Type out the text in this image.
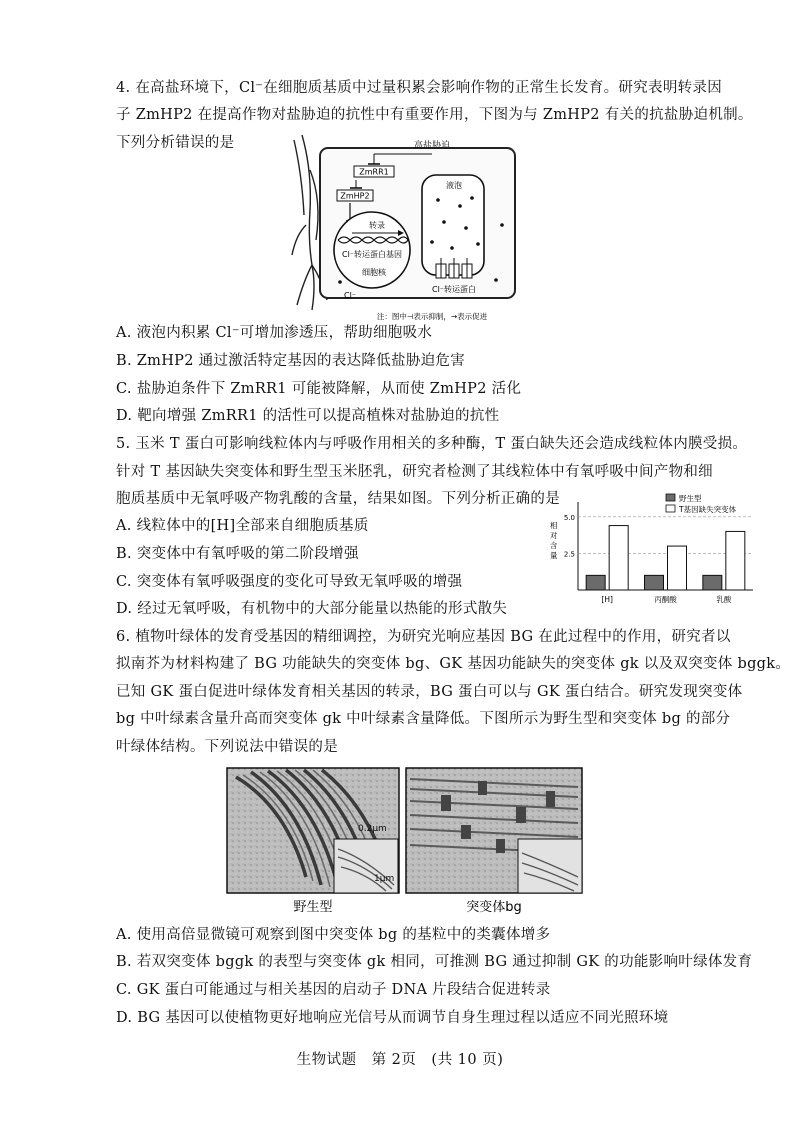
4. 在高盐环境下，Cl⁻在细胞质基质中过量积累会影响作物的正常生长发育。研究表明转录因
子 ZmHP2 在提高作物对盐胁迫的抗性中有重要作用，下图为与 ZmHP2 有关的抗盐胁迫机制。
下列分析错误的是	高盐胁迫
ZmRR1
ZmHP2
转录
Cl⁻转运蛋白基因
细胞核
Cl⁻
液泡
Cl⁻转运蛋白
注：图中⊣表示抑制，→表示促进
A. 液泡内积累 Cl⁻可增加渗透压，帮助细胞吸水
B. ZmHP2 通过激活特定基因的表达降低盐胁迫危害
C. 盐胁迫条件下 ZmRR1 可能被降解，从而使 ZmHP2 活化
D. 靶向增强 ZmRR1 的活性可以提高植株对盐胁迫的抗性
5. 玉米 T 蛋白可影响线粒体内与呼吸作用相关的多种酶，T 蛋白缺失还会造成线粒体内膜受损。
针对 T 基因缺失突变体和野生型玉米胚乳，研究者检测了其线粒体中有氧呼吸中间产物和细
胞质基质中无氧呼吸产物乳酸的含量，结果如图。下列分析正确的是	野生型
T基因缺失突变体
相
对
含
量 2.5
5.0
[H]	丙酮酸	乳酸
A. 线粒体中的[H]全部来自细胞质基质
B. 突变体中有氧呼吸的第二阶段增强
C. 突变体有氧呼吸强度的变化可导致无氧呼吸的增强
D. 经过无氧呼吸，有机物中的大部分能量以热能的形式散失
6. 植物叶绿体的发育受基因的精细调控，为研究光响应基因 BG 在此过程中的作用，研究者以
拟南芥为材料构建了 BG 功能缺失的突变体 bg、GK 基因功能缺失的突变体 gk 以及双突变体 bggk。
已知 GK 蛋白促进叶绿体发育相关基因的转录，BG 蛋白可以与 GK 蛋白结合。研究发现突变体
bg 中叶绿素含量升高而突变体 gk 中叶绿素含量降低。下图所示为野生型和突变体 bg 的部分
叶绿体结构。下列说法中错误的是
0.2μm
1μm
野生型	突变体bg
A. 使用高倍显微镜可观察到图中突变体 bg 的基粒中的类囊体增多
B. 若双突变体 bggk 的表型与突变体 gk 相同，可推测 BG 通过抑制 GK 的功能影响叶绿体发育
C. GK 蛋白可能通过与相关基因的启动子 DNA 片段结合促进转录
D. BG 基因可以使植物更好地响应光信号从而调节自身生理过程以适应不同光照环境
生物试题　第 2页　(共 10 页)
